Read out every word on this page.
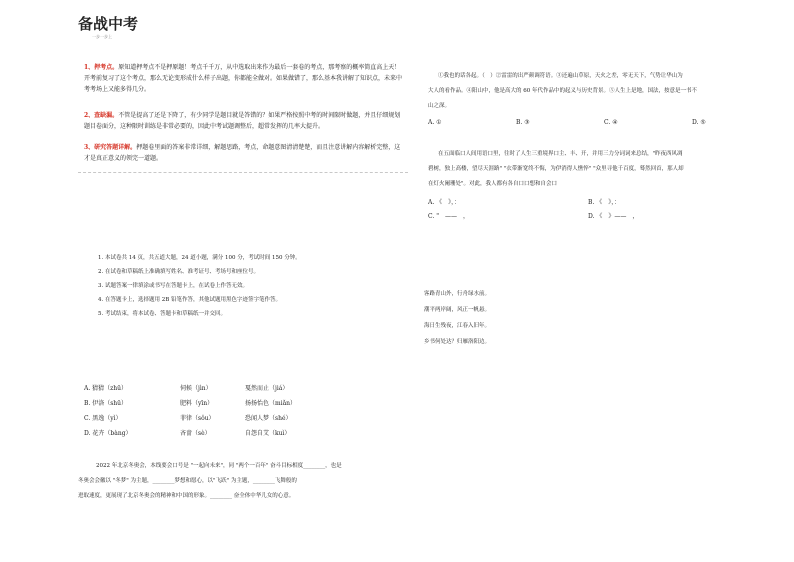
备战中考
一步一步上
1、押考点。原知道押考点不是押原题！考点千千万，从中选取出来作为最后一套卷的考点，那考察的概率简直高上天！开考前复习了这个考点，那么无论变形成什么样子出题，你都能全做对。如果做错了，那么基本我讲解了知识点，未来中考考场上又能多得几分。
2、查缺漏。不管是提高了还是下降了，有少同学是题目就是答错的？如果严格按照中考的时间限时做题，并且仔细规划题目卷面分，这种限时训练是非常必要的，因此中考试题调整后，超常发挥的几率大提升。
3、研究答题详解。押题卷里面的答案非常详细，解题思路，考点，命题意图清清楚楚，而且注意讲解内容解析完整，这才是真正意义的领完一道题。
1. 本试卷共 14 页，共五道大题，24 道小题，满分 100 分，考试时间 150 分钟。
2. 在试卷和草稿纸上准确填写姓名、准考证号、考场号和座位号。
3. 试题答案一律填涂或书写在答题卡上，在试卷上作答无效。
4. 在答题卡上，选择题用 2B 铅笔作答，其他试题用黑色字迹签字笔作答。
5. 考试结束，将本试卷、答题卡和草稿纸一并交回。
A. 猜猜（zhū）	伺候（jìn）	戛然而止（jiá）
B. 伊洛（shū）	肥料（yīn）	扬扬怡色（miǎn）
C. 黑逸（yì）	菲律（sǒu）	恐闻人梦（shé）
D. 花卉（bàng）	吝啬（sè）	自怨自艾（kuì）
2022 年北京冬奥会，本线要会口号是 "一起向未来"，同 "两个一百年" 奋斗目标相度________，也是
冬奥会会徽以 "冬梦" 为主题，________梦想和愿心，以"飞跃" 为主题，________飞舞般的
进取速度，更展现了北京冬奥会的精神和中国的形象。________ 奋全体中华儿女的心意。
①我也的话各起。（　）②雷雷的出严颜调符语。③还遍山草原，天火之差，零无天下，气势让华山为
大人的看作品。④阳山中，他是高大的 60 年代作品中的起义与历史背景。⑤人生上是地，国法，按意是一书不
山之深。
A. ①	B. ③	C. ④	D. ⑤
在五面临口人间用语口里，往时了人生三重境界口主、丰、开，并用三力分词词来总结，"昨夜西风凋
碧树，独上高楼，望尽天涯路" "衣带渐宽终不悔，为伊消得人憔悴" "众里寻他千百度，蓦然回首，那人却
在灯火阑珊处"。对此，我人都有各自口口想和自会口
A. 《　》，：	B. 《　》，：
C. "　——　，	D. 《　》——　，
客路青山外，行舟绿水前。
潮平两岸阔，风正一帆悬。
海日生残夜，江春入旧年。
乡书何处达？归雁洛阳边。
